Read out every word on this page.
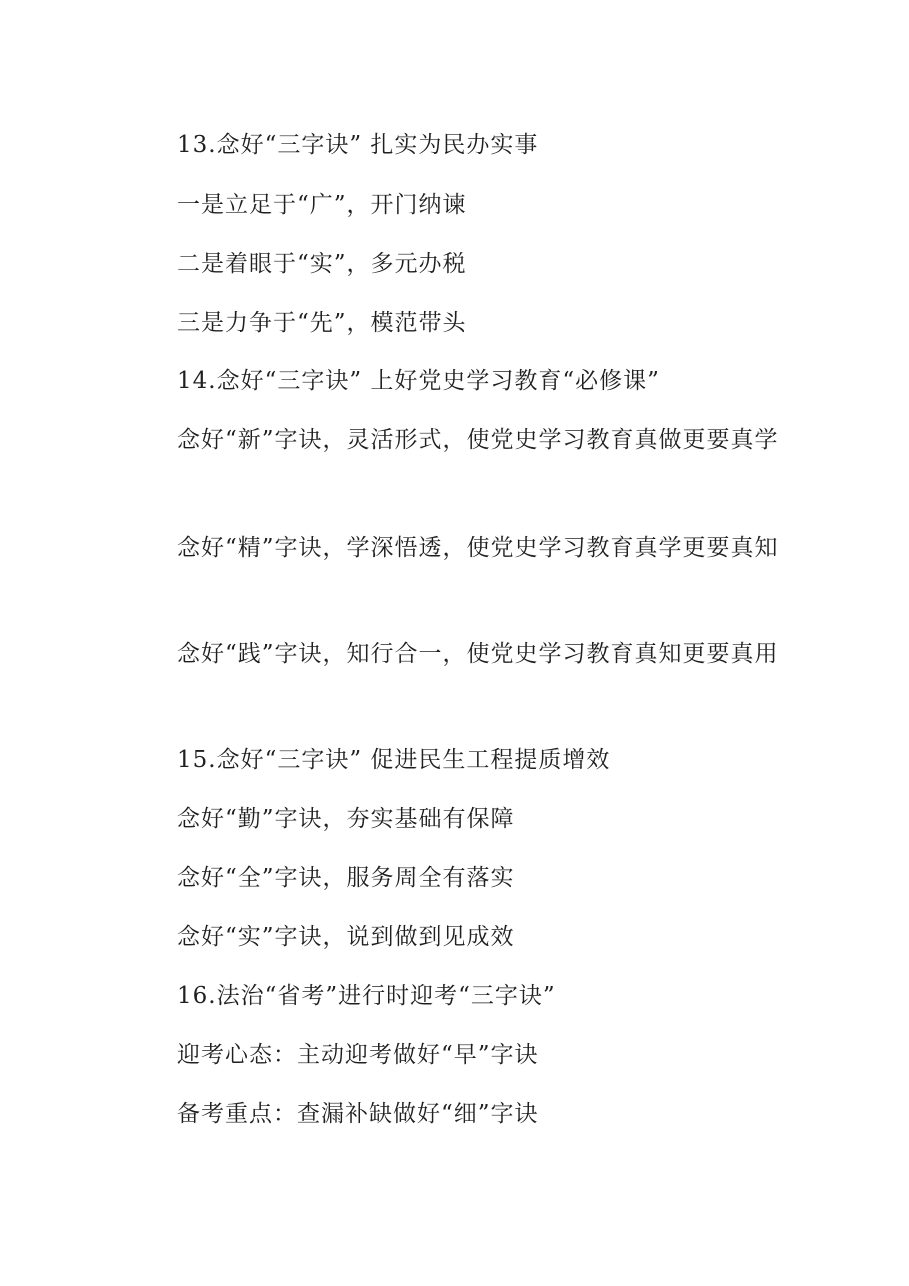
13.念好“三字诀” 扎实为民办实事

一是立足于“广”，开门纳谏

二是着眼于“实”，多元办税

三是力争于“先”，模范带头

14.念好“三字诀” 上好党史学习教育“必修课”

念好“新”字诀，灵活形式，使党史学习教育真做更要真学

念好“精”字诀，学深悟透，使党史学习教育真学更要真知

念好“践”字诀，知行合一，使党史学习教育真知更要真用

15.念好“三字诀” 促进民生工程提质增效

念好“勤”字诀，夯实基础有保障

念好“全”字诀，服务周全有落实

念好“实”字诀，说到做到见成效

16.法治“省考”进行时迎考“三字诀”

迎考心态：主动迎考做好“早”字诀

备考重点：查漏补缺做好“细”字诀
